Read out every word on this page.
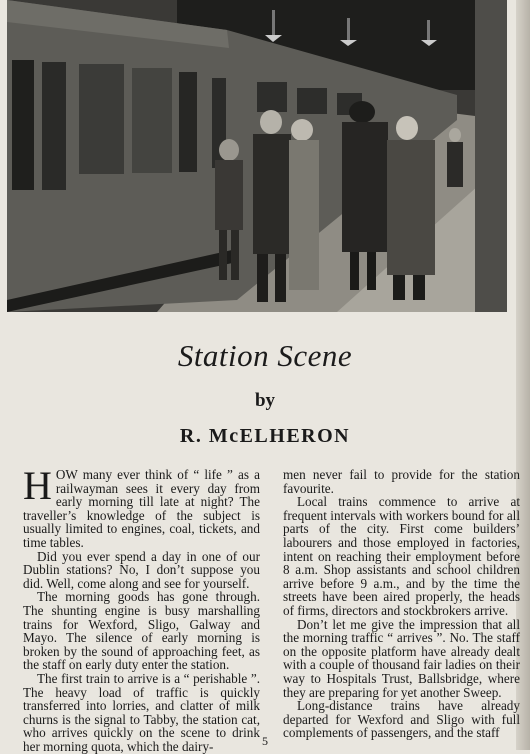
Station Scene
by
R. McELHERON

HOW many ever think of “ life ” as a railwayman sees it every day from early morning till late at night? The traveller’s knowledge of the subject is usually limited to engines, coal, tickets, and time tables.

Did you ever spend a day in one of our Dublin stations? No, I don’t suppose you did. Well, come along and see for yourself.

The morning goods has gone through. The shunting engine is busy marshalling trains for Wexford, Sligo, Galway and Mayo. The silence of early morning is broken by the sound of approaching feet, as the staff on early duty enter the station.

The first train to arrive is a “ perishable ”. The heavy load of traffic is quickly transferred into lorries, and clatter of milk churns is the signal to Tabby, the station cat, who arrives quickly on the scene to drink her morning quota, which the dairy-

men never fail to provide for the station favourite.

Local trains commence to arrive at frequent intervals with workers bound for all parts of the city. First come builders’ labourers and those employed in factories, intent on reaching their employment before 8 a.m. Shop assistants and school children arrive before 9 a.m., and by the time the streets have been aired properly, the heads of firms, directors and stockbrokers arrive.

Don’t let me give the impression that all the morning traffic “ arrives ”. No. The staff on the opposite platform have already dealt with a couple of thousand fair ladies on their way to Hospitals Trust, Ballsbridge, where they are preparing for yet another Sweep.

Long-distance trains have already departed for Wexford and Sligo with full complements of passengers, and the staff

5
